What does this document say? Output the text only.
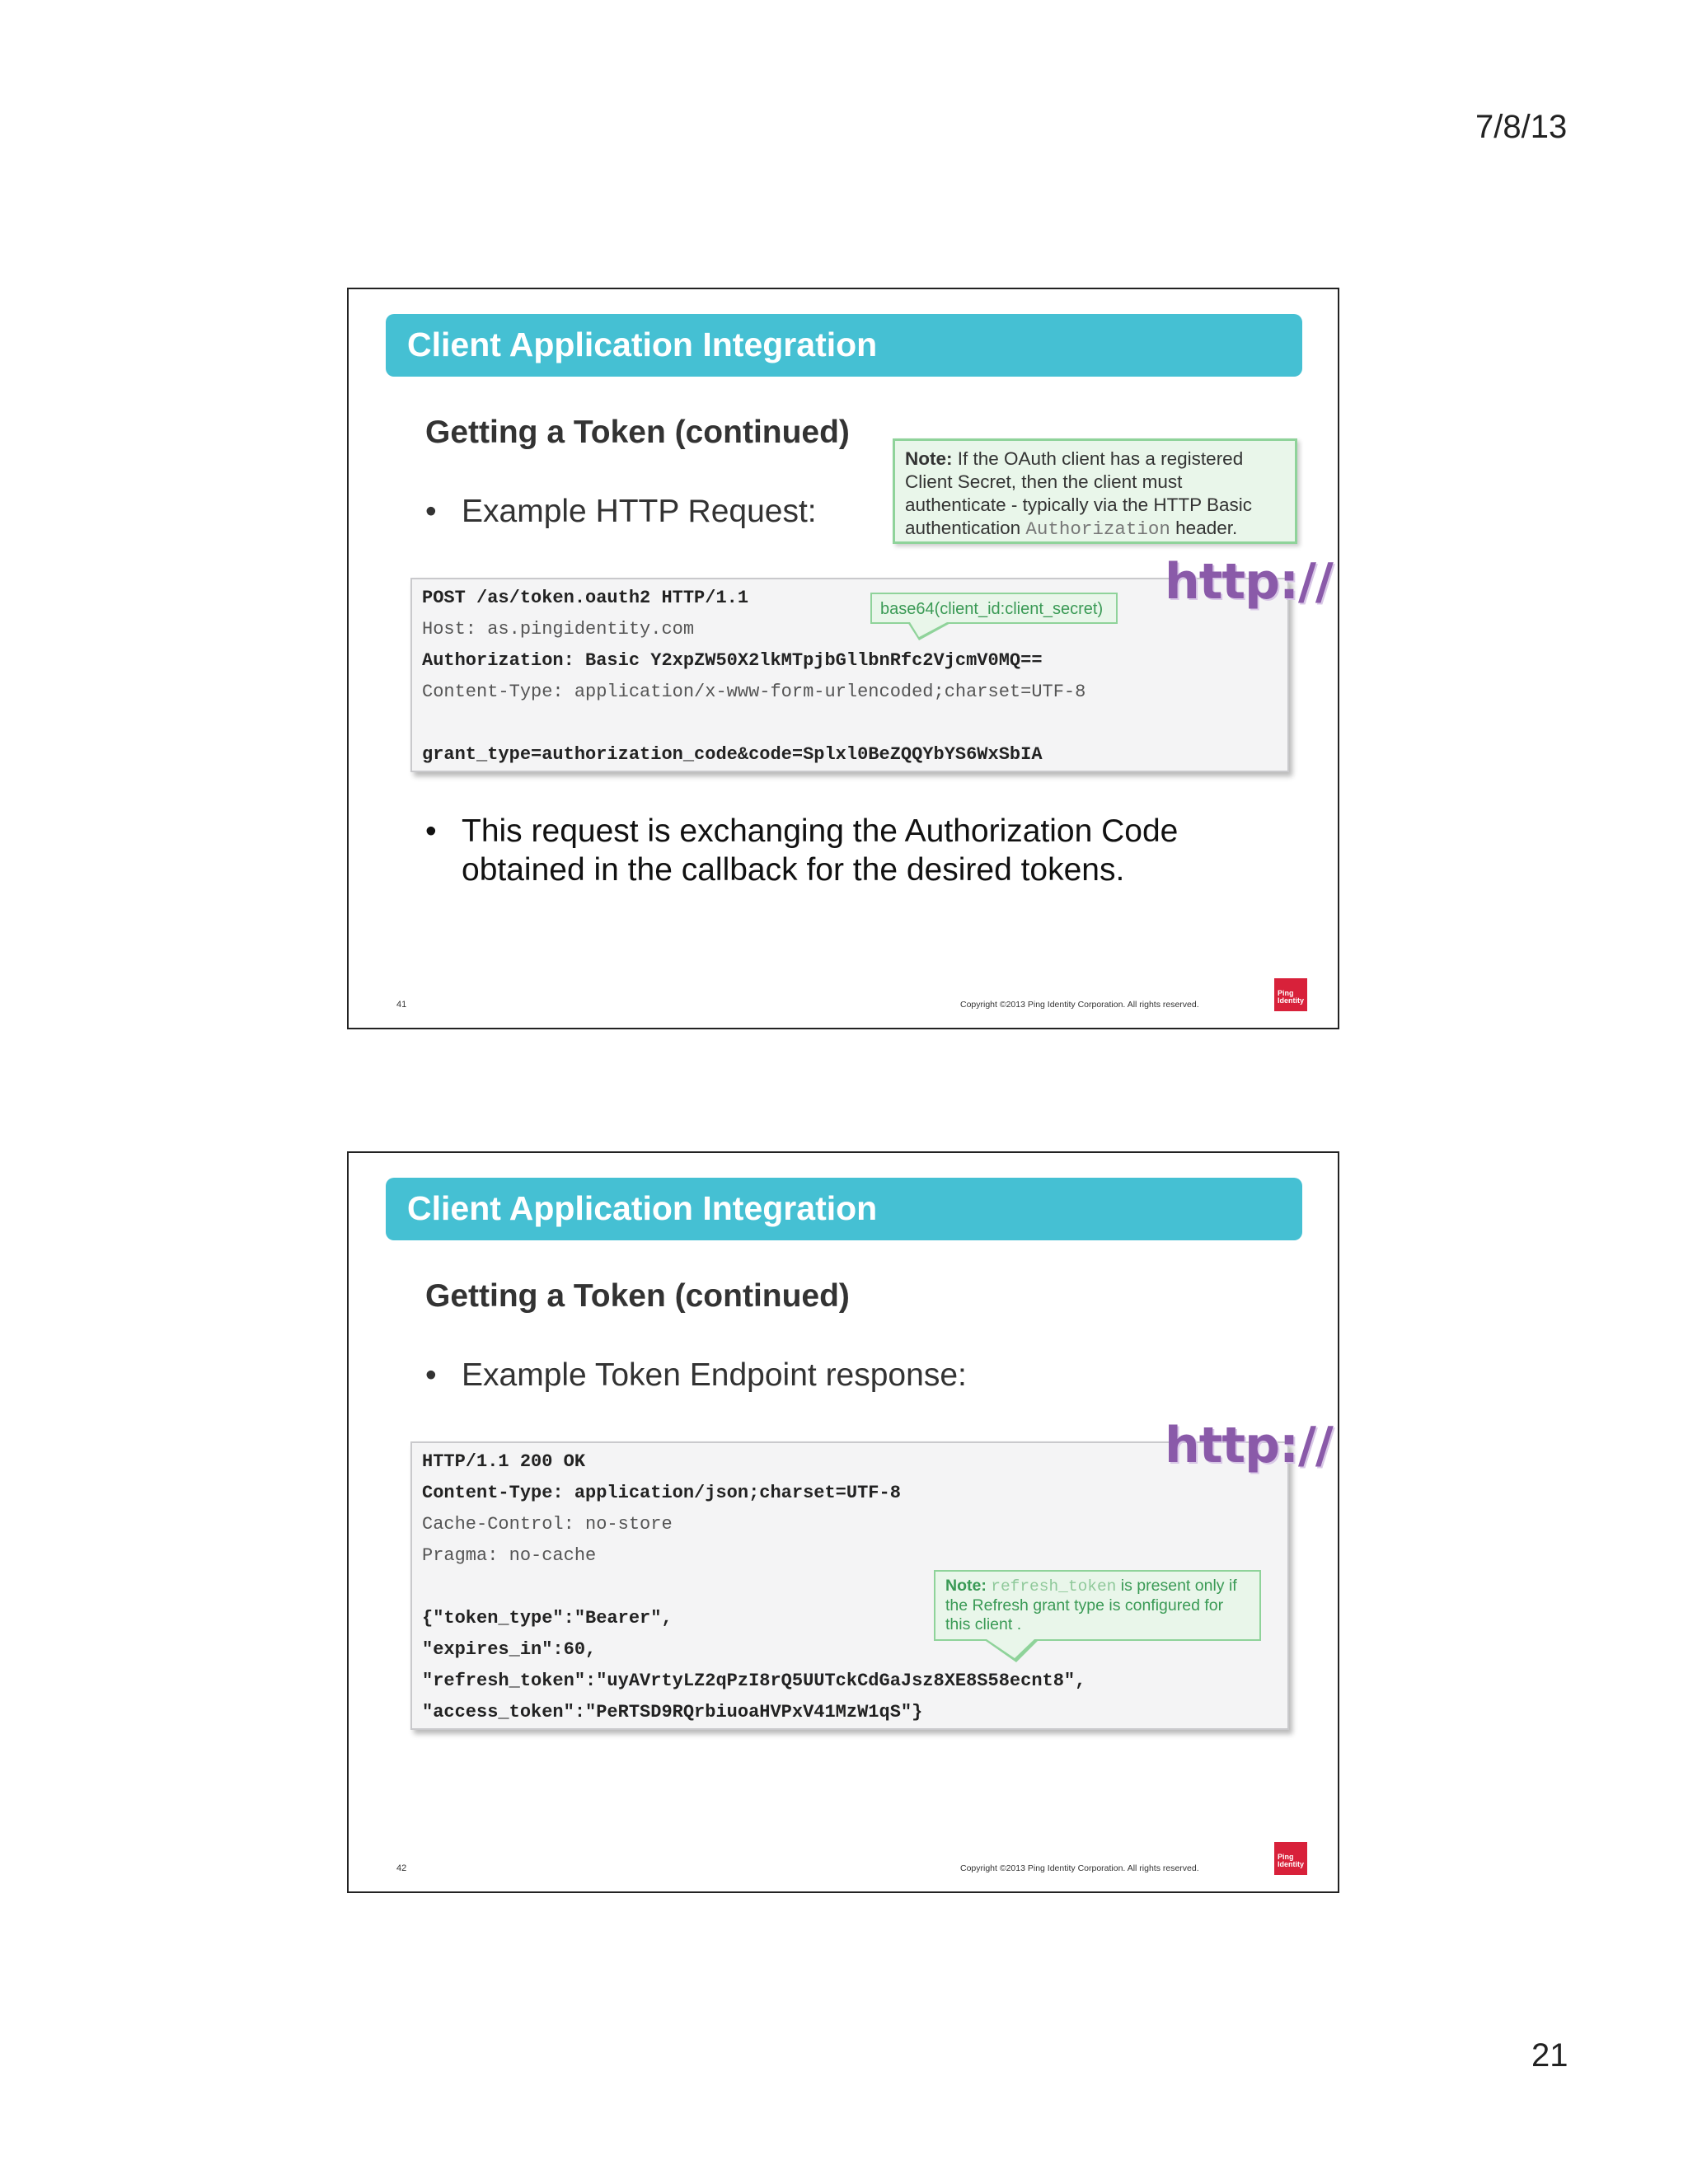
7/8/13
Client Application Integration
Getting a Token (continued)
• Example HTTP Request:
Note: If the OAuth client has a registered
Client Secret, then the client must
authenticate - typically via the HTTP Basic
authentication Authorization header.
POST /as/token.oauth2 HTTP/1.1
Host: as.pingidentity.com
Authorization: Basic Y2xpZW50X2lkMTpjbGllbnRfc2VjcmV0MQ==
Content-Type: application/x-www-form-urlencoded;charset=UTF-8
grant_type=authorization_code&code=Splxl0BeZQQYbYS6WxSbIA
base64(client_id:client_secret) http://
• This request is exchanging the Authorization Code
obtained in the callback for the desired tokens.
41	Copyright ©2013 Ping Identity Corporation. All rights reserved.
Ping
Identity
Client Application Integration
Getting a Token (continued)
• Example Token Endpoint response:
HTTP/1.1 200 OK
Content-Type: application/json;charset=UTF-8
Cache-Control: no-store
Pragma: no-cache
{"token_type":"Bearer",
"expires_in":60,
"refresh_token":"uyAVrtyLZ2qPzI8rQ5UUTckCdGaJsz8XE8S58ecnt8",
"access_token":"PeRTSD9RQrbiuoaHVPxV41MzW1qS"}
Note: refresh_token is present only if
the Refresh grant type is configured for
this client .
http://
42	Copyright ©2013 Ping Identity Corporation. All rights reserved.
Ping
Identity
21
